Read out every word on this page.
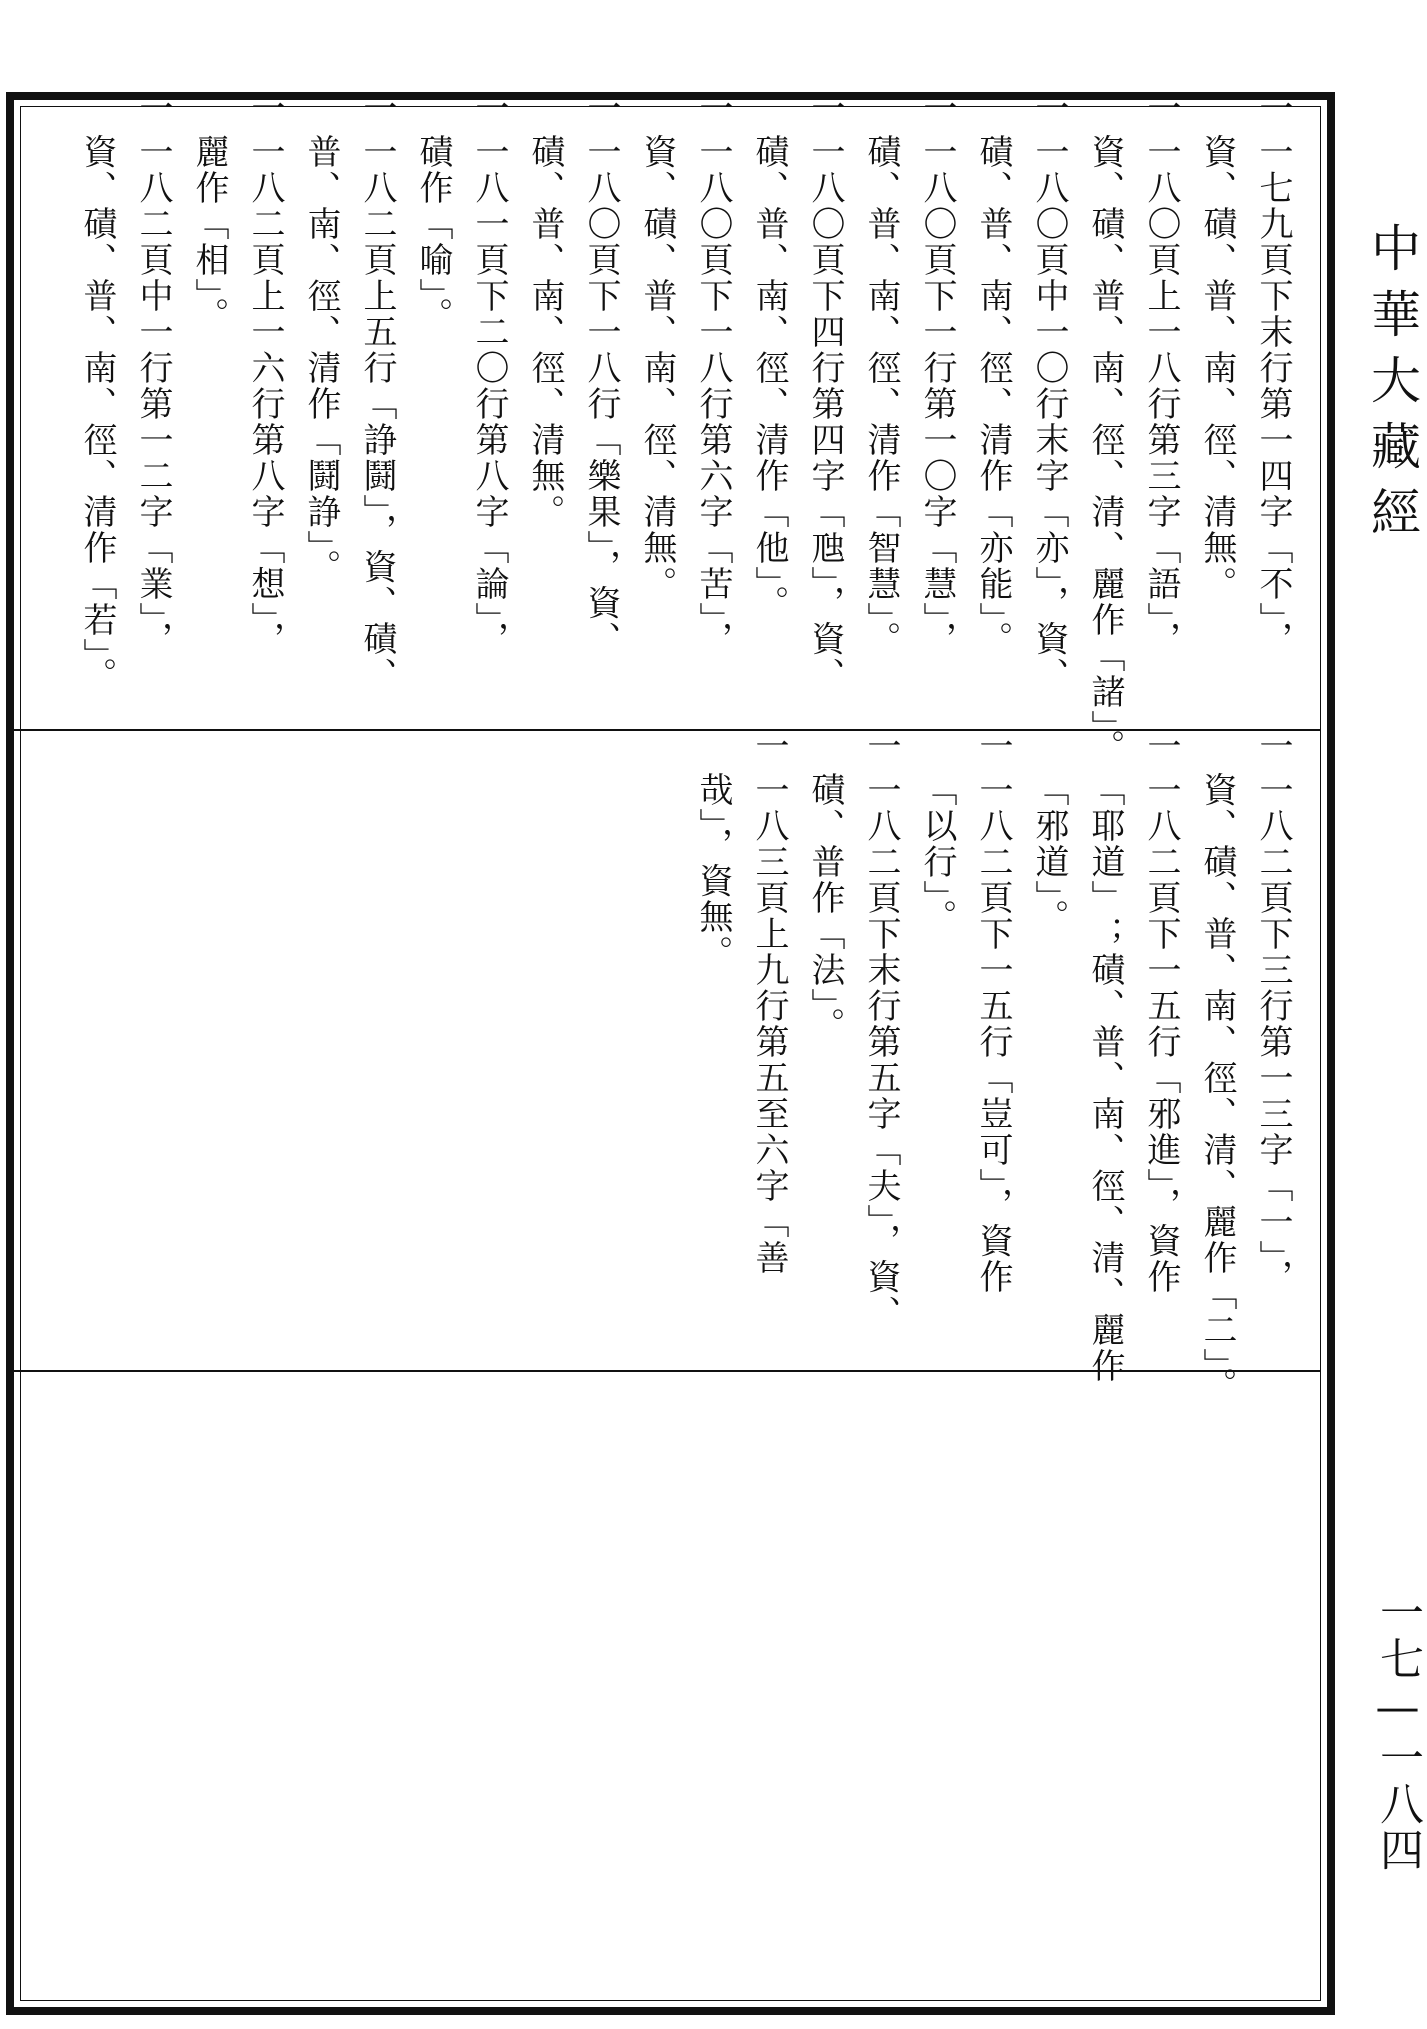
一七九頁下末行第一四字「不」，
一
資、磧、普、南、徑、清無。
一八〇頁上一八行第三字「語」，
一
資、磧、普、南、徑、清、麗作「諸」。
一八〇頁中一〇行末字「亦」，資、
一
磧、普、南、徑、清作「亦能」。
一八〇頁下一行第一〇字「慧」，
一
磧、普、南、徑、清作「智慧」。
一八〇頁下四行第四字「虺」，資、
一
磧、普、南、徑、清作「他」。
一八〇頁下一八行第六字「苦」，
一
資、磧、普、南、徑、清無。
一八〇頁下一八行「樂果」，資、
一
磧、普、南、徑、清無。
一八一頁下二〇行第八字「論」，
一
磧作「喻」。
一八二頁上五行「諍鬪」，資、磧、
一
普、南、徑、清作「鬪諍」。
一八二頁上一六行第八字「想」，
一
麗作「相」。
一八二頁中一行第一二字「業」，
一
資、磧、普、南、徑、清作「若」。
一八二頁下三行第一三字「一」，
一
資、磧、普、南、徑、清、麗作「二」。
一八二頁下一五行「邪進」，資作
一
「耶道」；磧、普、南、徑、清、麗作
「邪道」。
一八二頁下一五行「豈可」，資作
一
「以行」。
一八二頁下末行第五字「夫」，資、
一
磧、普作「法」。
一八三頁上九行第五至六字「善
一
哉」，資無。
中華大藏經
一七—一八四
